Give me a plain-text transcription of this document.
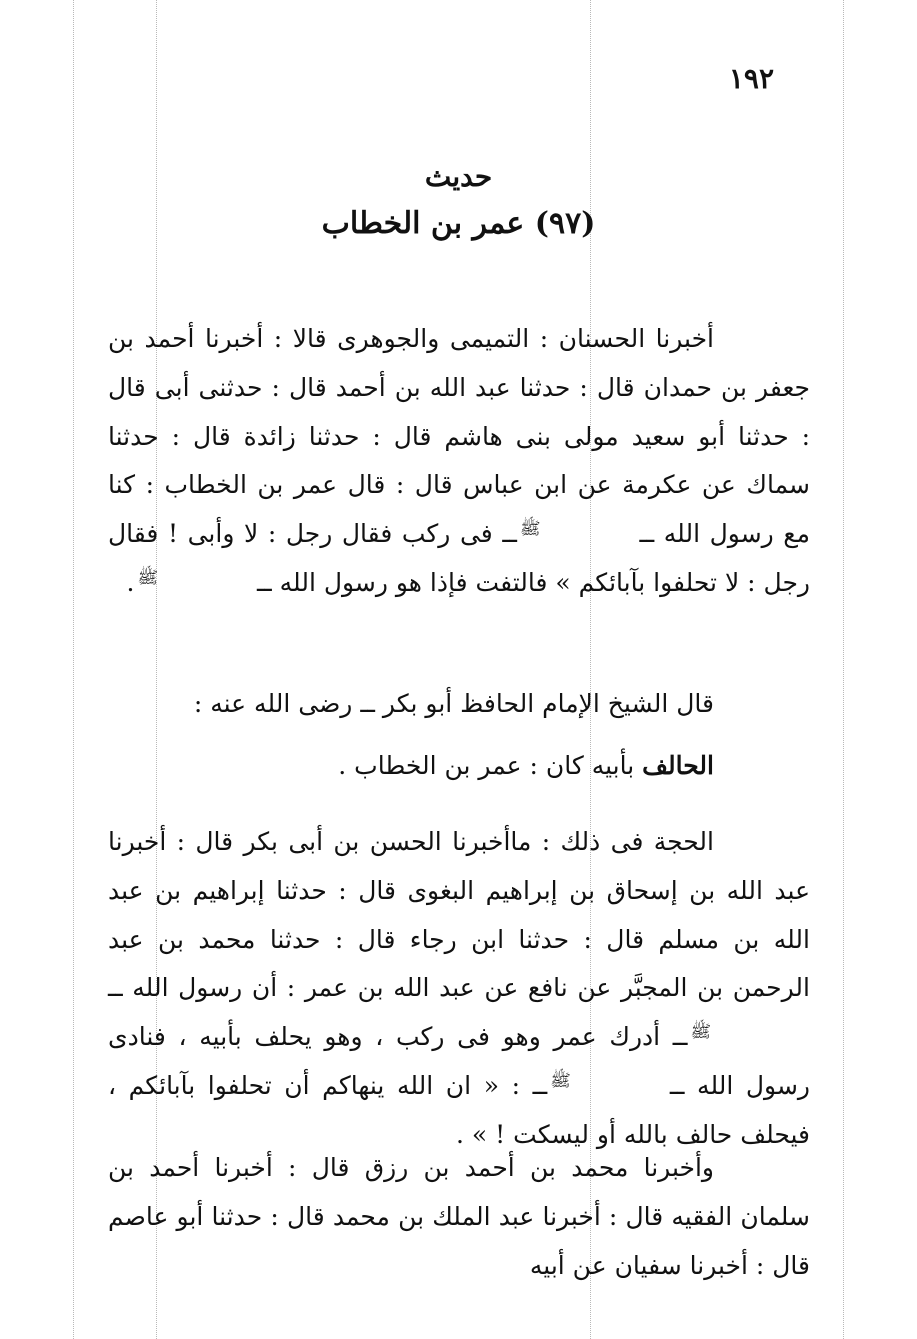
١٩٢
حديث
(٩٧) عمر بن الخطاب

أخبرنا الحسنان : التميمى والجوهرى قالا : أخبرنا أحمد بن جعفر بن حمدان قال : حدثنا عبد الله بن أحمد قال : حدثنى أبى قال : حدثنا أبو سعيد مولى بنى هاشم قال : حدثنا زائدة قال : حدثنا سماك عن عكرمة عن ابن عباس قال : قال عمر بن الخطاب : كنا مع رسول الله ــﷺــ فى ركب فقال رجل : لا وأبى ! فقال رجل : لا تحلفوا بآبائكم » فالتفت فإذا هو رسول الله ــﷺ.

قال الشيخ الإمام الحافظ أبو بكر ــ رضى الله عنه :

الحالف بأبيه كان : عمر بن الخطاب .

الحجة فى ذلك : ماأخبرنا الحسن بن أبى بكر قال : أخبرنا عبد الله بن إسحاق بن إبراهيم البغوى قال : حدثنا إبراهيم بن عبد الله بن مسلم قال : حدثنا ابن رجاء قال : حدثنا محمد بن عبد الرحمن بن المجبَّر عن نافع عن عبد الله بن عمر : أن رسول الله ــﷺــ أدرك عمر وهو فى ركب ، وهو يحلف بأبيه ، فنادى رسول الله ــﷺــ : « ان الله ينهاكم أن تحلفوا بآبائكم ، فيحلف حالف بالله أو ليسكت ! » .

وأخبرنا محمد بن أحمد بن رزق قال : أخبرنا أحمد بن سلمان الفقيه قال : أخبرنا عبد الملك بن محمد قال : حدثنا أبو عاصم قال : أخبرنا سفيان عن أبيه
